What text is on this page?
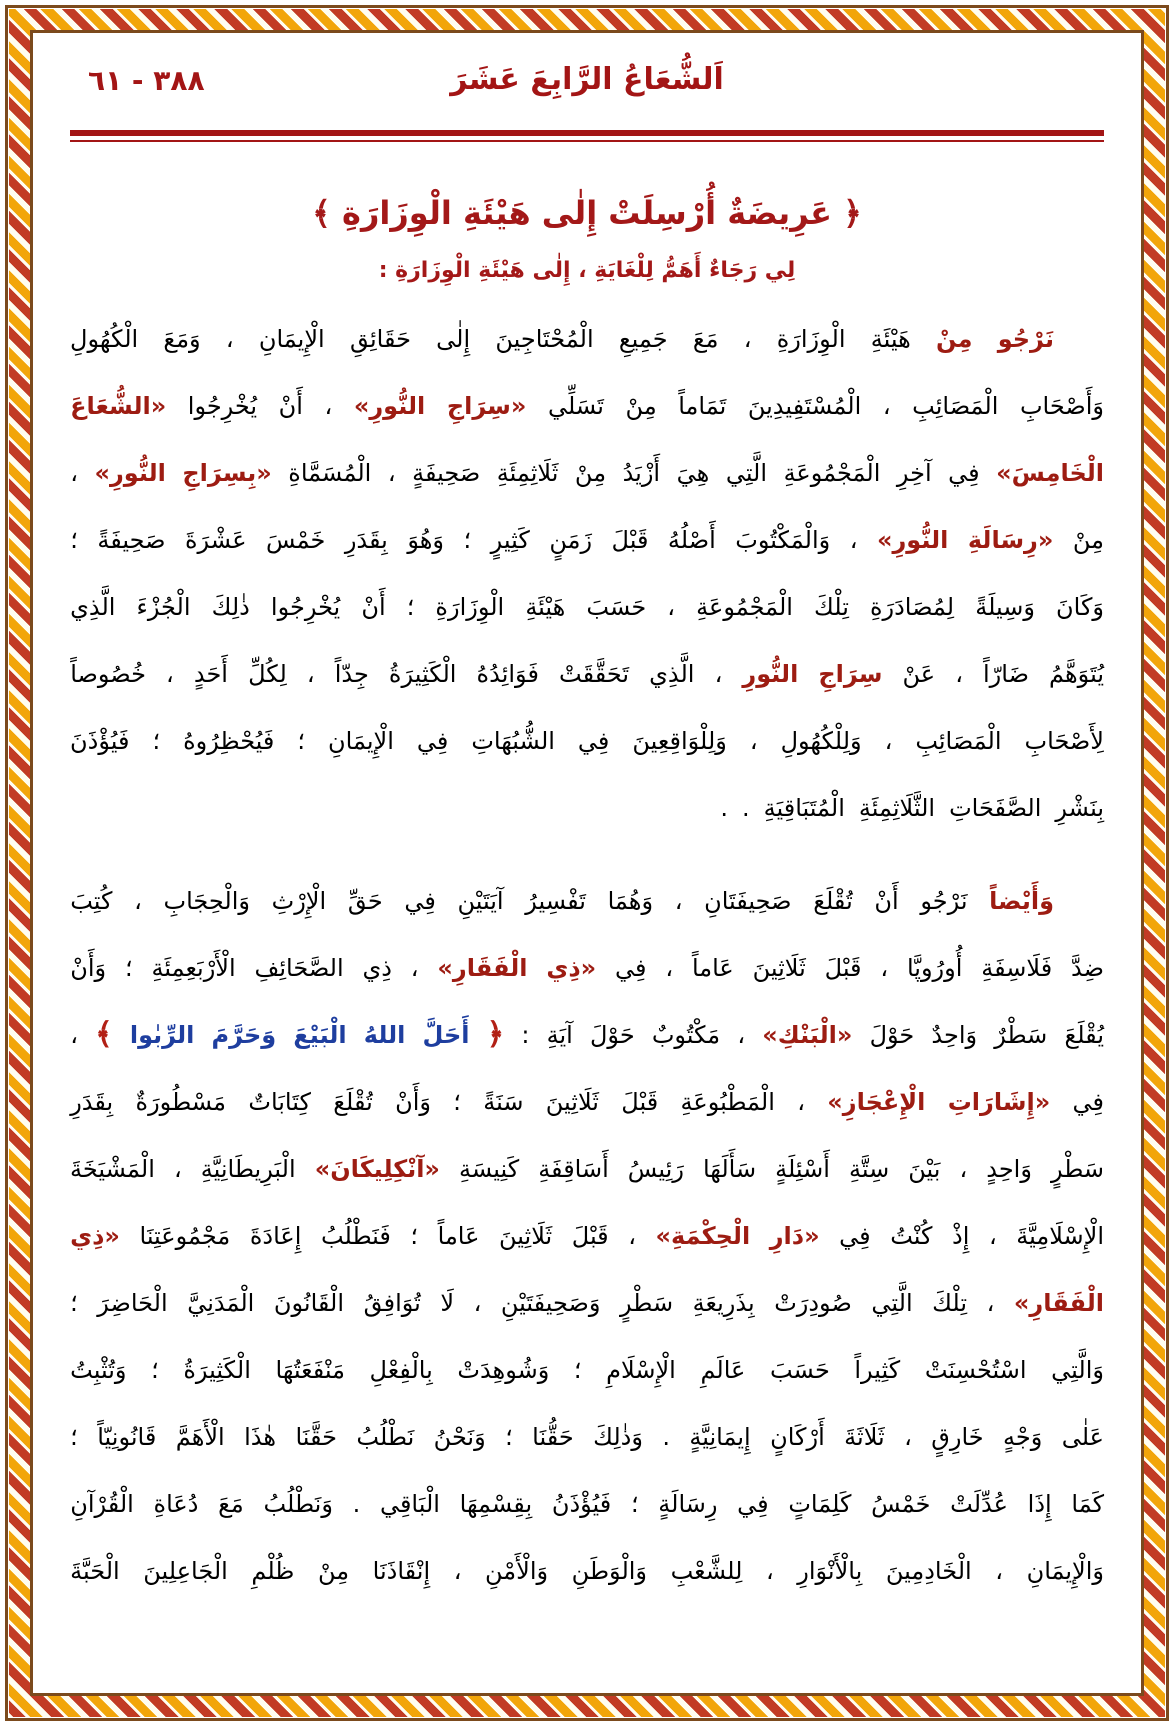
اَلشُّعَاعُ الرَّابِعَ عَشَرَ
٦١ - ٣٨٨
﴿ عَرِيضَةٌ أُرْسِلَتْ إِلٰى هَيْئَةِ الْوِزَارَةِ ﴾
لِي رَجَاءٌ أَهَمُّ لِلْغَايَةِ ، إِلٰى هَيْئَةِ الْوِزَارَةِ :
نَرْجُو
مِنْ
هَيْئَةِ
الْوِزَارَةِ
،
مَعَ
جَمِيعِ
الْمُحْتَاجِينَ
إِلٰى
حَقَائِقِ
الْإِيمَانِ
،
وَمَعَ
الْكُهُولِ
وَأَصْحَابِ
الْمَصَائِبِ
،
الْمُسْتَفِيدِينَ
تَمَاماً
مِنْ
تَسَلِّي
«سِرَاجِ
النُّورِ»
،
أَنْ
يُخْرِجُوا
«الشُّعَاعَ
الْخَامِسَ»
فِي
آخِرِ
الْمَجْمُوعَةِ
الَّتِي
هِيَ
أَزْيَدُ
مِنْ
ثَلَاثِمِئَةِ
صَحِيفَةٍ
،
الْمُسَمَّاةِ
«بِسِرَاجِ
النُّورِ»
،
مِنْ
«رِسَالَةِ
النُّورِ»
،
وَالْمَكْتُوبَ
أَصْلُهُ
قَبْلَ
زَمَنٍ
كَثِيرٍ
؛
وَهُوَ
بِقَدَرِ
خَمْسَ
عَشْرَةَ
صَحِيفَةً
؛
وَكَانَ
وَسِيلَةً
لِمُصَادَرَةِ
تِلْكَ
الْمَجْمُوعَةِ
،
حَسَبَ
هَيْئَةِ
الْوِزَارَةِ
؛
أَنْ
يُخْرِجُوا
ذٰلِكَ
الْجُزْءَ
الَّذِي
يُتَوَهَّمُ
ضَارّاً
،
عَنْ
سِرَاجِ
النُّورِ
،
الَّذِي
تَحَقَّقَتْ
فَوَائِدُهُ
الْكَثِيرَةُ
جِدّاً
،
لِكُلِّ
أَحَدٍ
،
خُصُوصاً
لِأَصْحَابِ
الْمَصَائِبِ
،
وَلِلْكُهُولِ
،
وَلِلْوَاقِعِينَ
فِي
الشُّبُهَاتِ
فِي
الْإِيمَانِ
؛
فَيُحْظِرُوهُ
؛
فَيُؤْذَنَ
بِنَشْرِ
الصَّفَحَاتِ
الثَّلَاثِمِئَةِ
الْمُتَبَاقِيَةِ
.
.
وَأَيْضاً
نَرْجُو
أَنْ
تُقْلَعَ
صَحِيفَتَانِ
،
وَهُمَا
تَفْسِيرُ
آيَتَيْنِ
فِي
حَقِّ
الْإِرْثِ
وَالْحِجَابِ
،
كُتِبَ
ضِدَّ
فَلَاسِفَةِ
أُورُوپَّا
،
قَبْلَ
ثَلَاثِينَ
عَاماً
،
فِي
«ذِي
الْفَقَارِ»
،
ذِي
الصَّحَائِفِ
الْأَرْبَعِمِئَةِ
؛
وَأَنْ
يُقْلَعَ
سَطْرٌ
وَاحِدٌ
حَوْلَ
«الْبَنْكِ»
،
مَكْتُوبٌ
حَوْلَ
آيَةِ
:
﴿
أَحَلَّ
اللهُ
الْبَيْعَ
وَحَرَّمَ
الرِّبٰوا
﴾
،
فِي
«إِشَارَاتِ
الْإِعْجَازِ»
،
الْمَطْبُوعَةِ
قَبْلَ
ثَلَاثِينَ
سَنَةً
؛
وَأَنْ
تُقْلَعَ
كِتَابَاتٌ
مَسْطُورَةٌ
بِقَدَرِ
سَطْرٍ
وَاحِدٍ
،
بَيْنَ
سِتَّةِ
أَسْئِلَةٍ
سَأَلَهَا
رَئِيسُ
أَسَاقِفَةِ
كَنِيسَةِ
«آنْكِلِيكَانَ»
الْبَرِيطَانِيَّةِ
،
الْمَشْيَخَةَ
الْإِسْلَامِيَّةَ
،
إِذْ
كُنْتُ
فِي
«دَارِ
الْحِكْمَةِ»
،
قَبْلَ
ثَلَاثِينَ
عَاماً
؛
فَنَطْلُبُ
إِعَادَةَ
مَجْمُوعَتِنَا
«ذِي
الْفَقَارِ»
،
تِلْكَ
الَّتِي
صُودِرَتْ
بِذَرِيعَةِ
سَطْرٍ
وَصَحِيفَتَيْنِ
،
لَا
تُوَافِقُ
الْقَانُونَ
الْمَدَنِيَّ
الْحَاضِرَ
؛
وَالَّتِي
اسْتُحْسِنَتْ
كَثِيراً
حَسَبَ
عَالَمِ
الْإِسْلَامِ
؛
وَشُوهِدَتْ
بِالْفِعْلِ
مَنْفَعَتُهَا
الْكَثِيرَةُ
؛
وَتُثْبِتُ
عَلٰى
وَجْهٍ
خَارِقٍ
،
ثَلَاثَةَ
أَرْكَانٍ
إِيمَانِيَّةٍ
.
وَذٰلِكَ
حَقُّنَا
؛
وَنَحْنُ
نَطْلُبُ
حَقَّنَا
هٰذَا
الْأَهَمَّ
قَانُونِيّاً
؛
كَمَا
إِذَا
عُدِّلَتْ
خَمْسُ
كَلِمَاتٍ
فِي
رِسَالَةٍ
؛
فَيُؤْذَنُ
بِقِسْمِهَا
الْبَاقِي
.
وَنَطْلُبُ
مَعَ
دُعَاةِ
الْقُرْآنِ
وَالْإِيمَانِ
،
الْخَادِمِينَ
بِالْأَنْوَارِ
،
لِلشَّعْبِ
وَالْوَطَنِ
وَالْأَمْنِ
،
إِنْقَاذَنَا
مِنْ
ظُلْمِ
الْجَاعِلِينَ
الْحَبَّةَ
